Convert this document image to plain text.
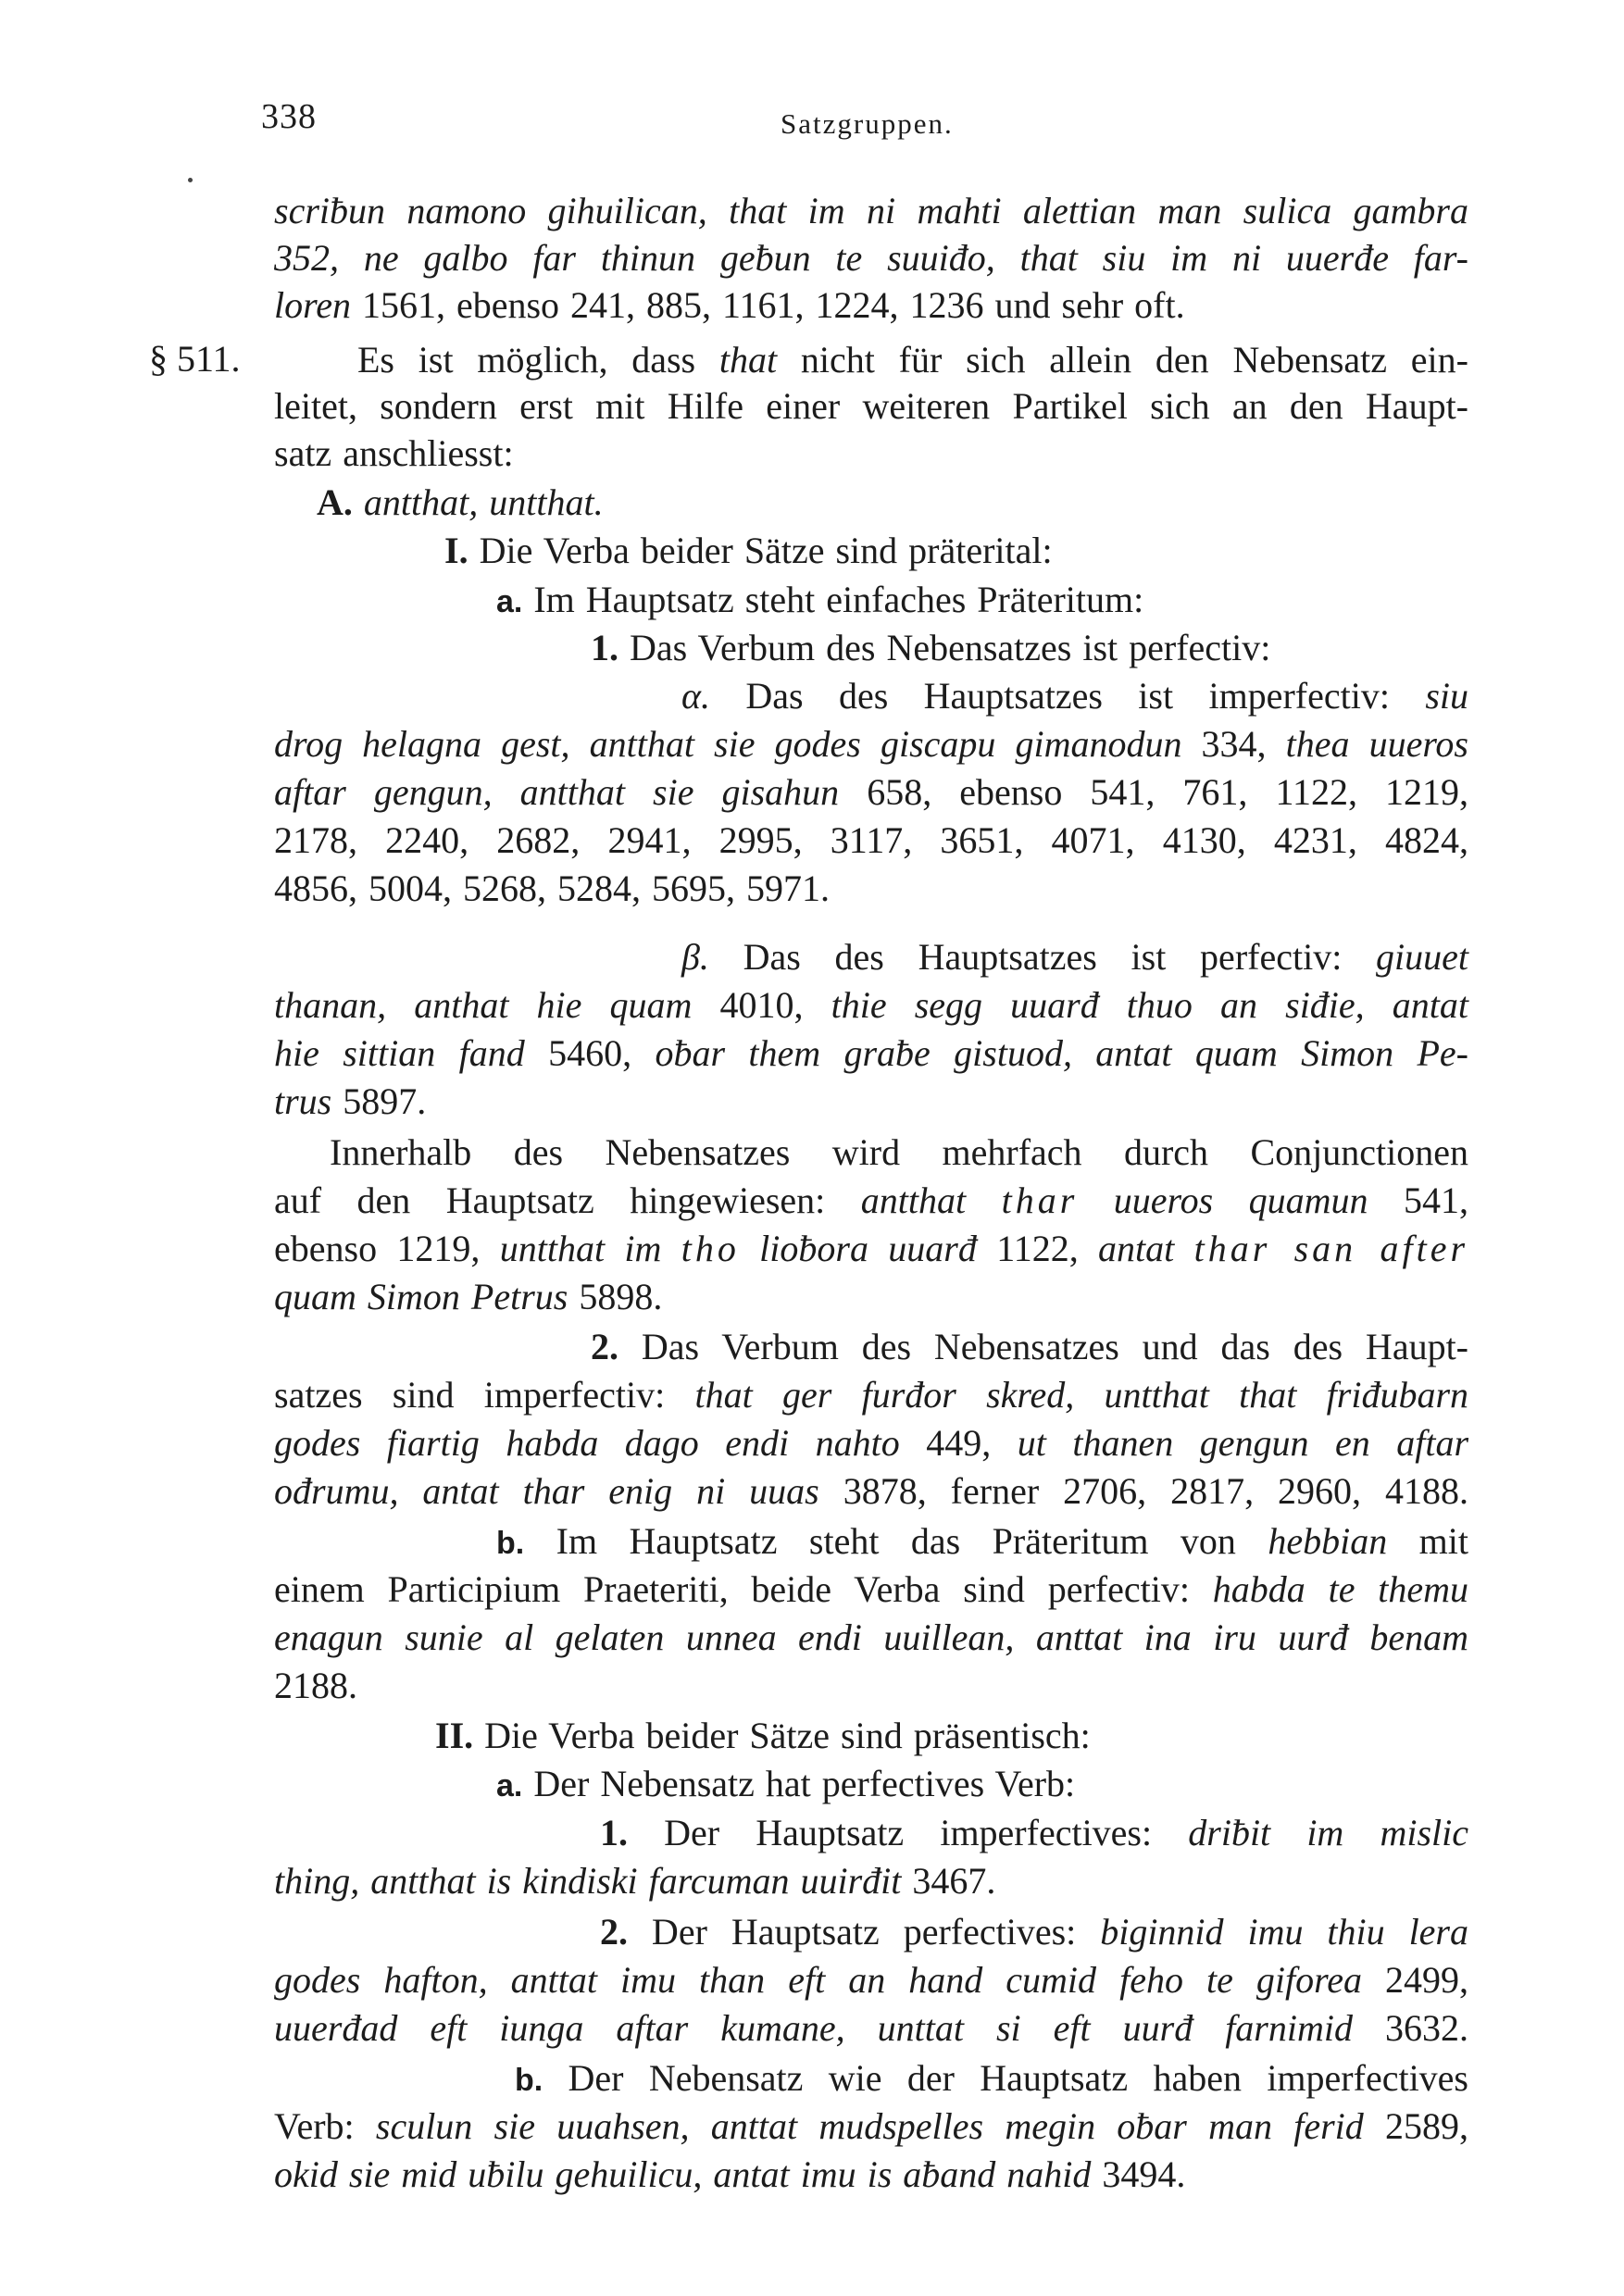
338	Satzgruppen.
§ 511.
scriƀun namono gihuilican, that im ni mahti alettian man sulica gambra
352, ne galbo far thinun geƀun te suuiđo, that siu im ni uuerđe far-
loren 1561, ebenso 241, 885, 1161, 1224, 1236 und sehr oft.
Es ist möglich, dass that nicht für sich allein den Nebensatz ein-
leitet, sondern erst mit Hilfe einer weiteren Partikel sich an den Haupt-
satz anschliesst:
A. antthat, untthat.
I. Die Verba beider Sätze sind präterital:
a. Im Hauptsatz steht einfaches Präteritum:
1. Das Verbum des Nebensatzes ist perfectiv:
α. Das des Hauptsatzes ist imperfectiv: siu
drog helagna gest, antthat sie godes giscapu gimanodun 334, thea uueros
aftar gengun, antthat sie gisahun 658, ebenso 541, 761, 1122, 1219,
2178, 2240, 2682, 2941, 2995, 3117, 3651, 4071, 4130, 4231, 4824,
4856, 5004, 5268, 5284, 5695, 5971.
β. Das des Hauptsatzes ist perfectiv: giuuet
thanan, anthat hie quam 4010, thie segg uuarđ thuo an siđie, antat
hie sittian fand 5460, oƀar them graƀe gistuod, antat quam Simon Pe-
trus 5897.
Innerhalb des Nebensatzes wird mehrfach durch Conjunctionen
auf den Hauptsatz hingewiesen: antthat thar uueros quamun 541,
ebenso 1219, untthat im tho lioƀora uuarđ 1122, antat thar san after
quam Simon Petrus 5898.
2. Das Verbum des Nebensatzes und das des Haupt-
satzes sind imperfectiv: that ger furđor skred, untthat that friđubarn
godes fiartig habda dago endi nahto 449, ut thanen gengun en aftar
ođrumu, antat thar enig ni uuas 3878, ferner 2706, 2817, 2960, 4188.
b. Im Hauptsatz steht das Präteritum von hebbian mit
einem Participium Praeteriti, beide Verba sind perfectiv: habda te themu
enagun sunie al gelaten unnea endi uuillean, anttat ina iru uurđ benam
2188.
II. Die Verba beider Sätze sind präsentisch:
a. Der Nebensatz hat perfectives Verb:
1. Der Hauptsatz imperfectives: driƀit im mislic
thing, antthat is kindiski farcuman uuirđit 3467.
2. Der Hauptsatz perfectives: biginnid imu thiu lera
godes hafton, anttat imu than eft an hand cumid feho te giforea 2499,
uuerđad eft iunga aftar kumane, unttat si eft uurđ farnimid 3632.
b. Der Nebensatz wie der Hauptsatz haben imperfectives
Verb: sculun sie uuahsen, anttat mudspelles megin oƀar man ferid 2589,
okid sie mid uƀilu gehuilicu, antat imu is aƀand nahid 3494.
